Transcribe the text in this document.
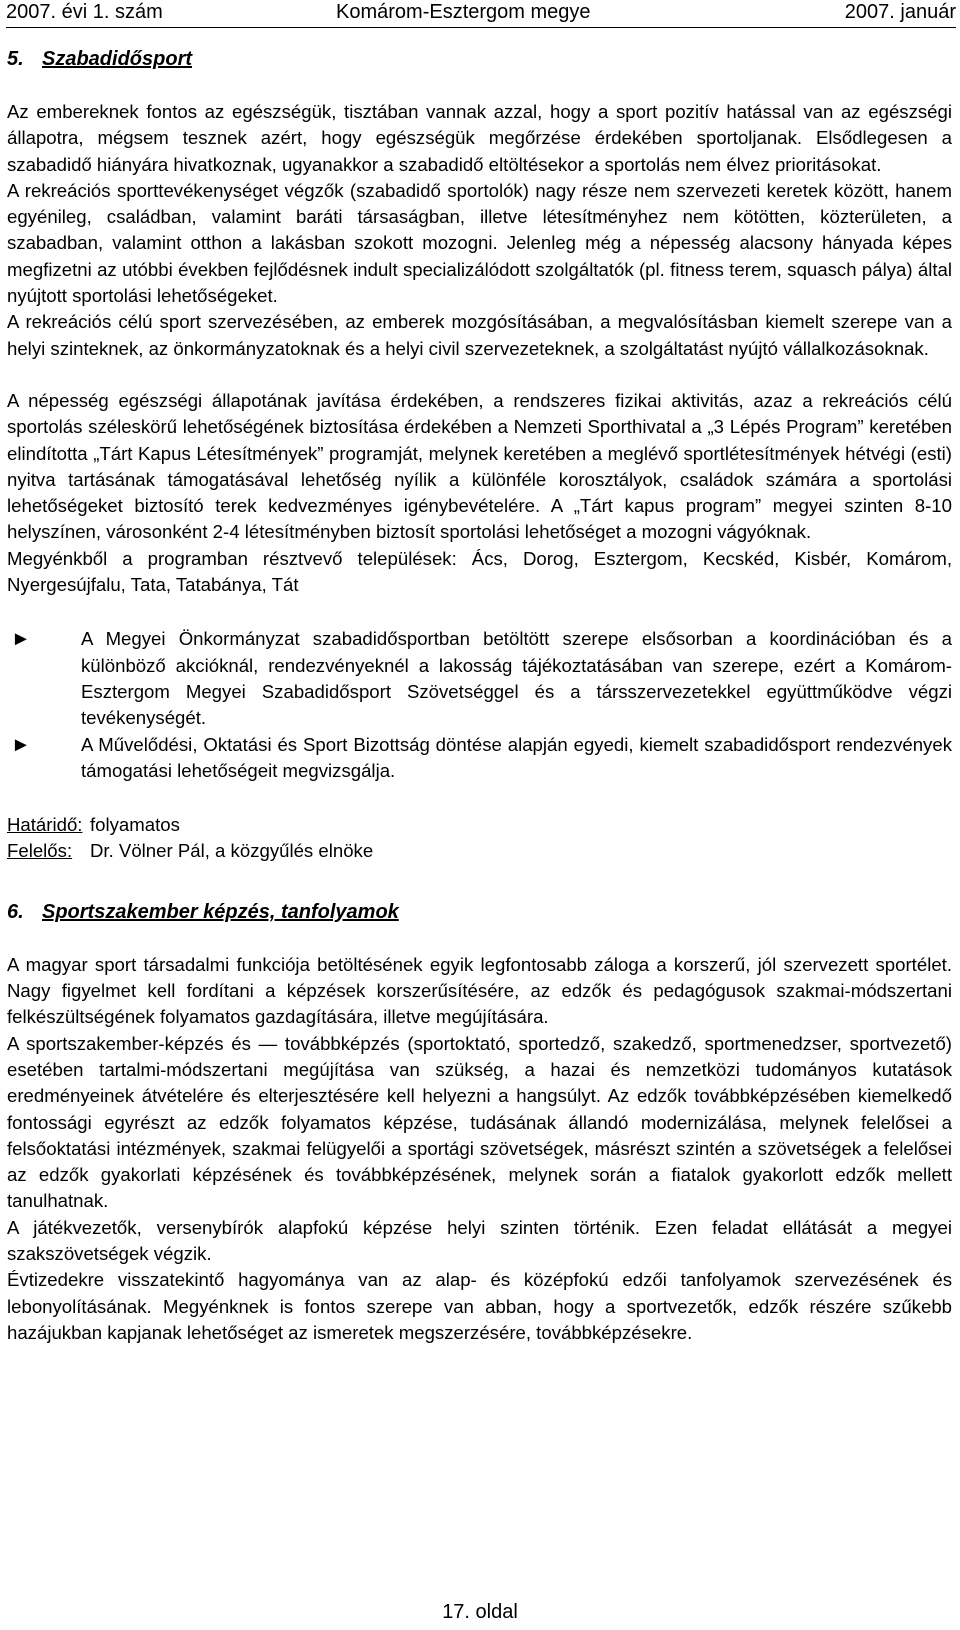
2007. évi 1. szám	Komárom-Esztergom megye	2007. január
5. Szabadidősport

Az embereknek fontos az egészségük, tisztában vannak azzal, hogy a sport pozitív hatással van az egészségi állapotra, mégsem tesznek azért, hogy egészségük megőrzése érdekében sportoljanak. Elsődlegesen a szabadidő hiányára hivatkoznak, ugyanakkor a szabadidő eltöltésekor a sportolás nem élvez prioritásokat.

A rekreációs sporttevékenységet végzők (szabadidő sportolók) nagy része nem szervezeti keretek között, hanem egyénileg, családban, valamint baráti társaságban, illetve létesítményhez nem kötötten, közterületen, a szabadban, valamint otthon a lakásban szokott mozogni. Jelenleg még a népesség alacsony hányada képes megfizetni az utóbbi években fejlődésnek indult specializálódott szolgáltatók (pl. fitness terem, squasch pálya) által nyújtott sportolási lehetőségeket.

A rekreációs célú sport szervezésében, az emberek mozgósításában, a megvalósításban kiemelt szerepe van a helyi szinteknek, az önkormányzatoknak és a helyi civil szervezeteknek, a szolgáltatást nyújtó vállalkozásoknak.

A népesség egészségi állapotának javítása érdekében, a rendszeres fizikai aktivitás, azaz a rekreációs célú sportolás széleskörű lehetőségének biztosítása érdekében a Nemzeti Sporthivatal a „3 Lépés Program” keretében elindította „Tárt Kapus Létesítmények” programját, melynek keretében a meglévő sportlétesítmények hétvégi (esti) nyitva tartásának támogatásával lehetőség nyílik a különféle korosztályok, családok számára a sportolási lehetőségeket biztosító terek kedvezményes igénybevételére. A „Tárt kapus program” megyei szinten 8-10 helyszínen, városonként 2-4 létesítményben biztosít sportolási lehetőséget a mozogni vágyóknak.

Megyénkből a programban résztvevő települések: Ács, Dorog, Esztergom, Kecskéd, Kisbér, Komárom, Nyergesújfalu, Tata, Tatabánya, Tát

►	A Megyei Önkormányzat szabadidősportban betöltött szerepe elsősorban a koordinációban és a különböző akcióknál, rendezvényeknél a lakosság tájékoztatásában van szerepe, ezért a Komárom-Esztergom Megyei Szabadidősport Szövetséggel és a társszervezetekkel együttműködve végzi tevékenységét.
►	A Művelődési, Oktatási és Sport Bizottság döntése alapján egyedi, kiemelt szabadidősport rendezvények támogatási lehetőségeit megvizsgálja.
Határidő: folyamatos
Felelős: Dr. Völner Pál, a közgyűlés elnöke
6. Sportszakember képzés, tanfolyamok

A magyar sport társadalmi funkciója betöltésének egyik legfontosabb záloga a korszerű, jól szervezett sportélet. Nagy figyelmet kell fordítani a képzések korszerűsítésére, az edzők és pedagógusok szakmai-módszertani felkészültségének folyamatos gazdagítására, illetve megújítására.

A sportszakember-képzés és — továbbképzés (sportoktató, sportedző, szakedző, sportmenedzser, sportvezető) esetében tartalmi-módszertani megújítása van szükség, a hazai és nemzetközi tudományos kutatások eredményeinek átvételére és elterjesztésére kell helyezni a hangsúlyt. Az edzők továbbképzésében kiemelkedő fontossági egyrészt az edzők folyamatos képzése, tudásának állandó modernizálása, melynek felelősei a felsőoktatási intézmények, szakmai felügyelői a sportági szövetségek, másrészt szintén a szövetségek a felelősei az edzők gyakorlati képzésének és továbbképzésének, melynek során a fiatalok gyakorlott edzők mellett tanulhatnak.

A játékvezetők, versenybírók alapfokú képzése helyi szinten történik. Ezen feladat ellátását a megyei szakszövetségek végzik.

Évtizedekre visszatekintő hagyománya van az alap- és középfokú edzői tanfolyamok szervezésének és lebonyolításának. Megyénknek is fontos szerepe van abban, hogy a sportvezetők, edzők részére szűkebb hazájukban kapjanak lehetőséget az ismeretek megszerzésére, továbbképzésekre.

17. oldal
